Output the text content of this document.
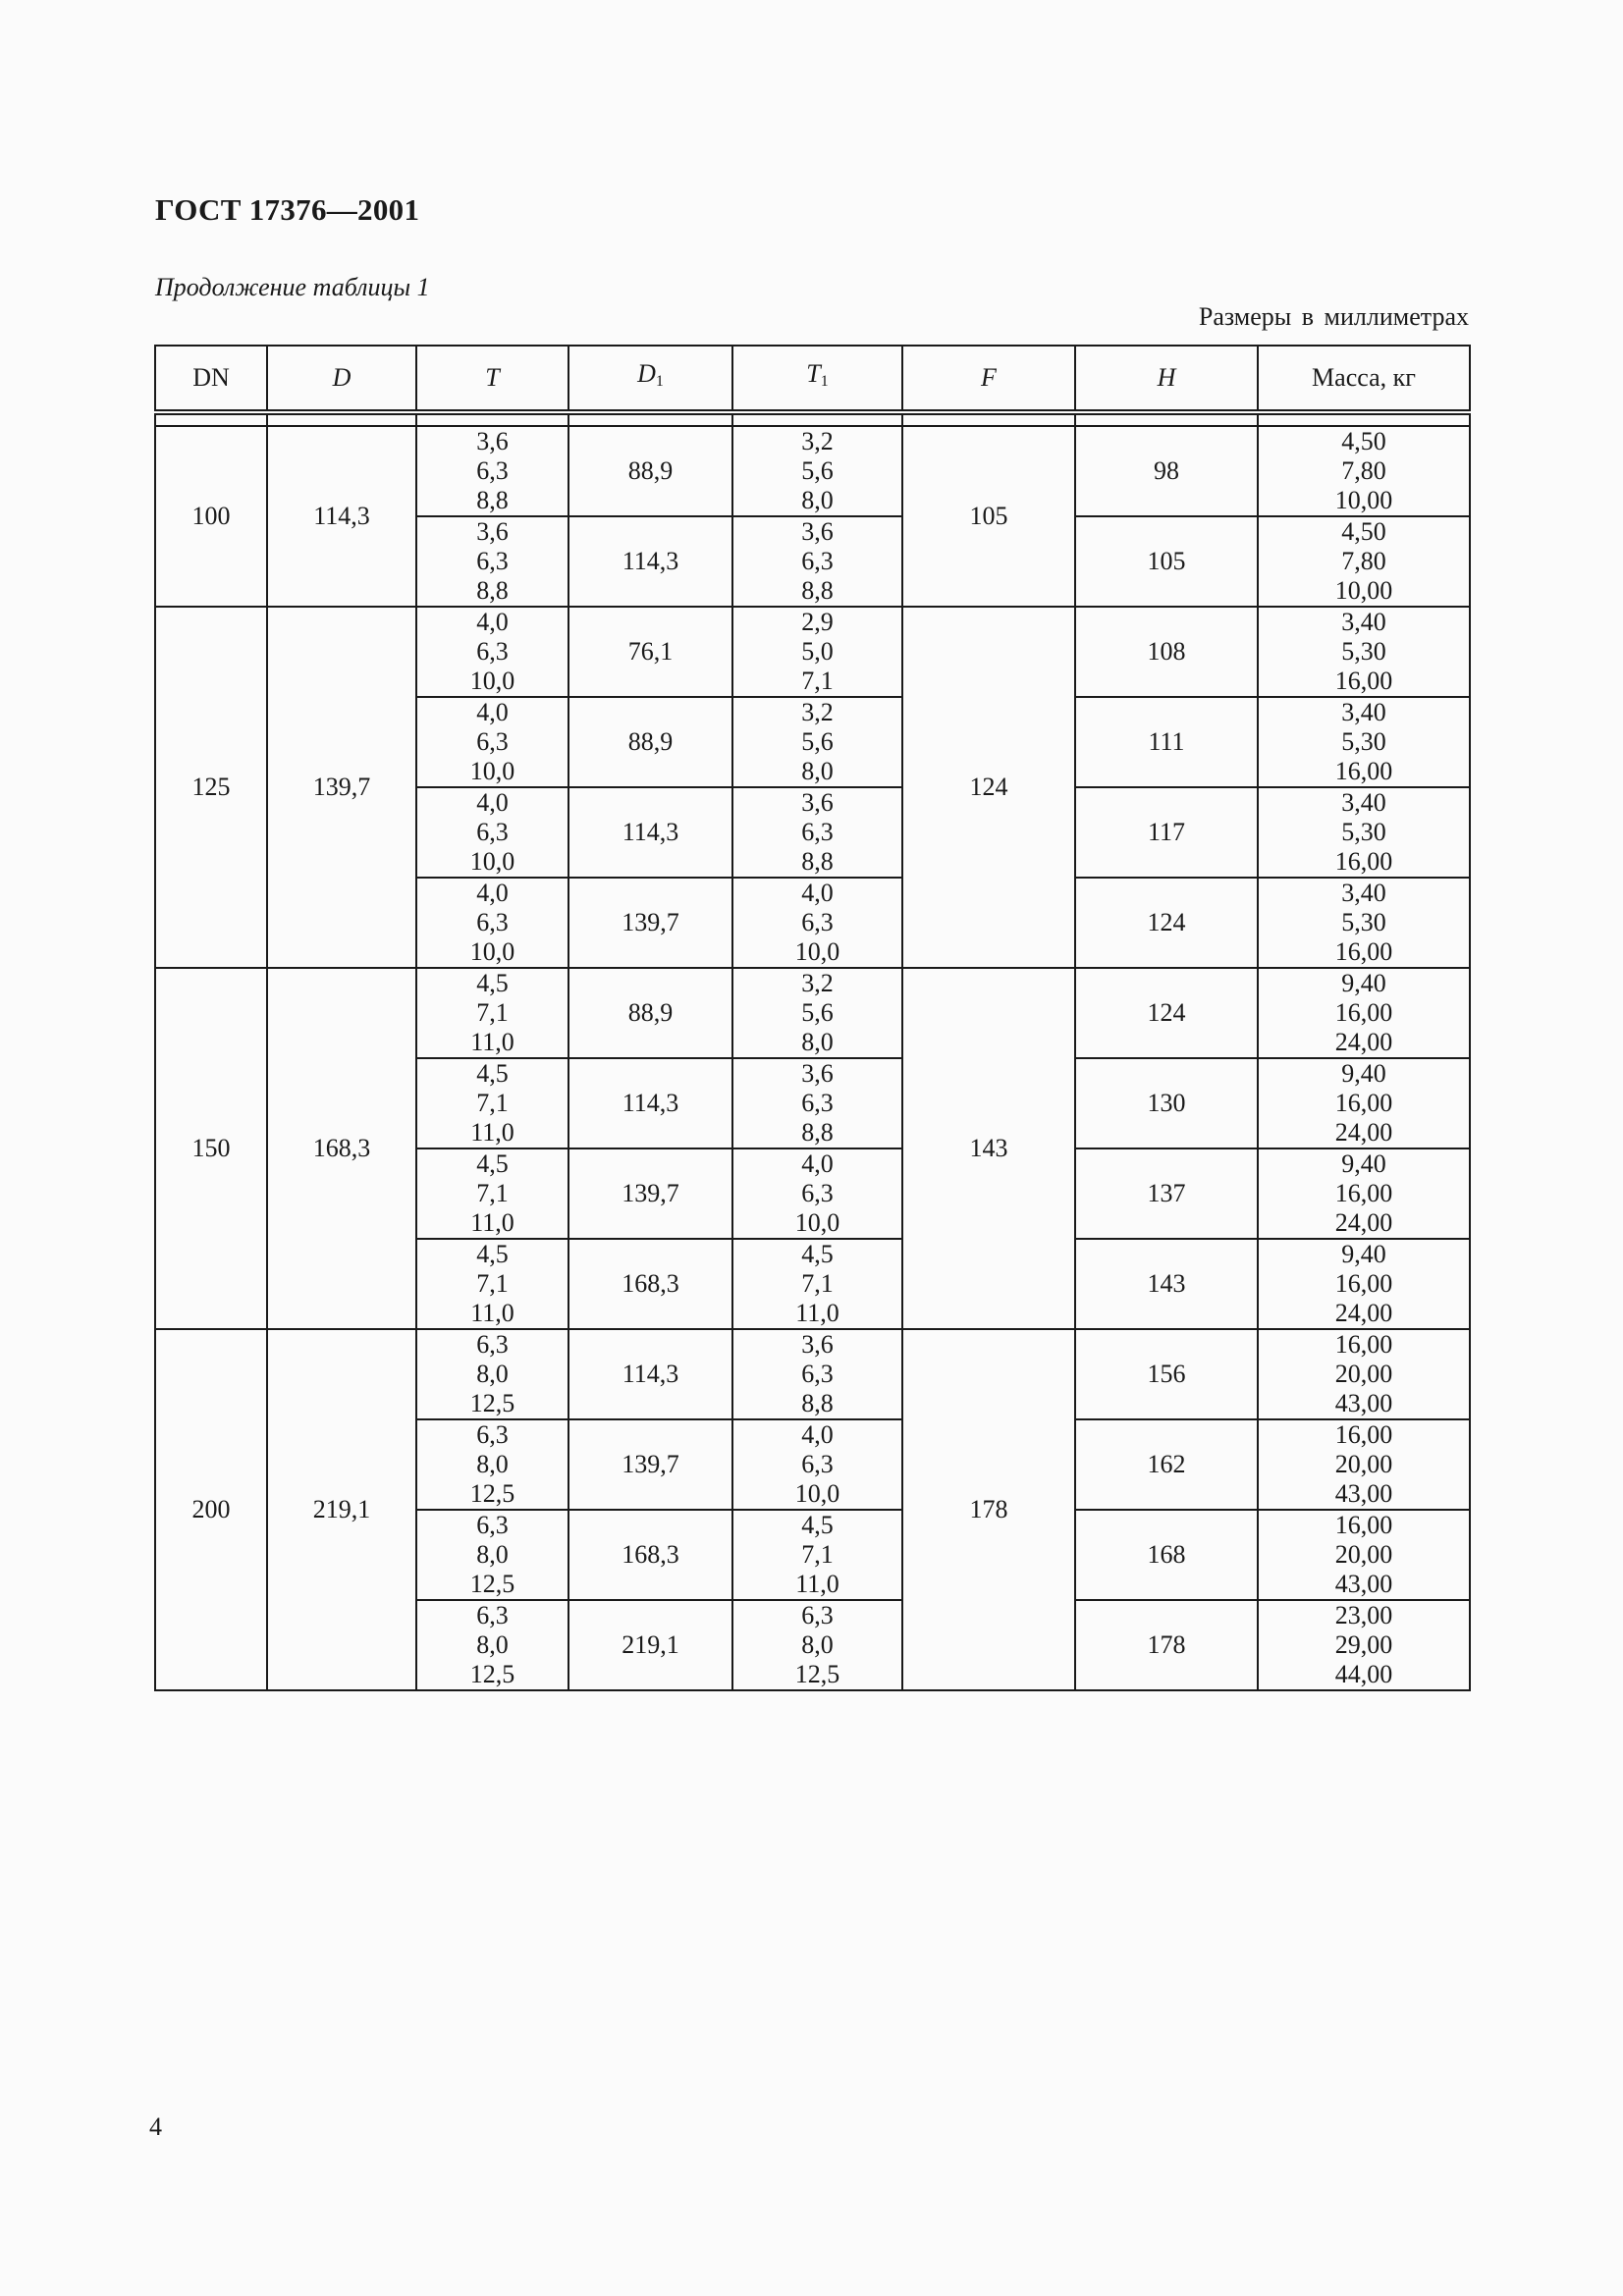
ГОСТ 17376—2001
Продолжение таблицы 1
Размеры в миллиметрах
DN	D	T	D1	T1	F	H	Масса, кг

100	114,3	3,6
6,3
8,8	88,9	3,2
5,6
8,0	105	98	4,50
7,80
10,00

		3,6
6,3
8,8	114,3	3,6
6,3
8,8		105	4,50
7,80
10,00

125	139,7	4,0
6,3
10,0	76,1	2,9
5,0
7,1	124	108	3,40
5,30
16,00

		4,0
6,3
10,0	88,9	3,2
5,6
8,0		111	3,40
5,30
16,00

		4,0
6,3
10,0	114,3	3,6
6,3
8,8		117	3,40
5,30
16,00

		4,0
6,3
10,0	139,7	4,0
6,3
10,0		124	3,40
5,30
16,00

150	168,3	4,5
7,1
11,0	88,9	3,2
5,6
8,0	143	124	9,40
16,00
24,00

		4,5
7,1
11,0	114,3	3,6
6,3
8,8		130	9,40
16,00
24,00

		4,5
7,1
11,0	139,7	4,0
6,3
10,0		137	9,40
16,00
24,00

		4,5
7,1
11,0	168,3	4,5
7,1
11,0		143	9,40
16,00
24,00

200	219,1	6,3
8,0
12,5	114,3	3,6
6,3
8,8	178	156	16,00
20,00
43,00

		6,3
8,0
12,5	139,7	4,0
6,3
10,0		162	16,00
20,00
43,00

		6,3
8,0
12,5	168,3	4,5
7,1
11,0		168	16,00
20,00
43,00

		6,3
8,0
12,5	219,1	6,3
8,0
12,5		178	23,00
29,00
44,00
4
